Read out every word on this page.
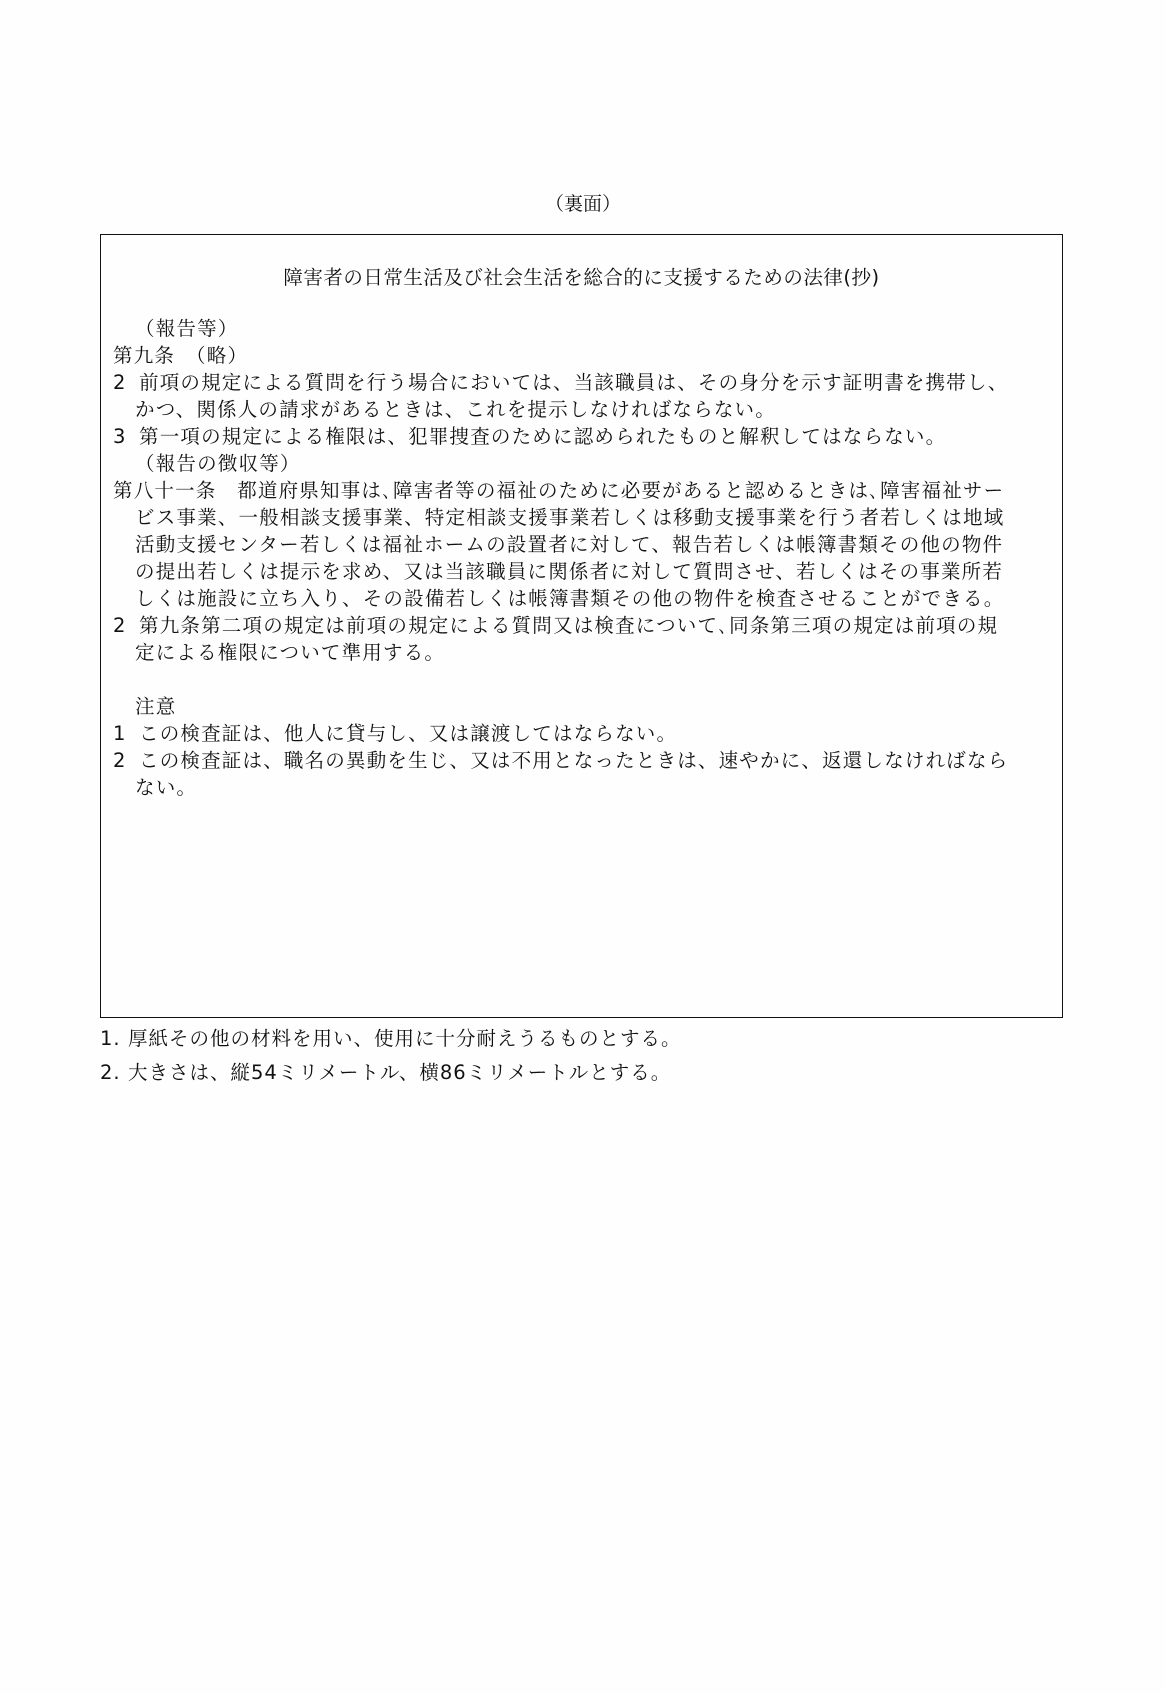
（裏面）
障害者の日常生活及び社会生活を総合的に支援するための法律(抄)
（報告等）
第九条　（略）
2 前項の規定による質問を行う場合においては、当該職員は、その身分を示す証明書を携帯し、
かつ、関係人の請求があるときは、これを提示しなければならない。
3 第一項の規定による権限は、犯罪捜査のために認められたものと解釈してはならない。
（報告の徴収等）
第八十一条　都道府県知事は､障害者等の福祉のために必要があると認めるときは､障害福祉サー
ビス事業、一般相談支援事業、特定相談支援事業若しくは移動支援事業を行う者若しくは地域
活動支援センター若しくは福祉ホームの設置者に対して、報告若しくは帳簿書類その他の物件
の提出若しくは提示を求め、又は当該職員に関係者に対して質問させ、若しくはその事業所若
しくは施設に立ち入り、その設備若しくは帳簿書類その他の物件を検査させることができる。
2 第九条第二項の規定は前項の規定による質問又は検査について､同条第三項の規定は前項の規
定による権限について準用する。
注意
1 この検査証は、他人に貸与し、又は譲渡してはならない。
2 この検査証は、職名の異動を生じ、又は不用となったときは、速やかに、返還しなければなら
ない。
1. 厚紙その他の材料を用い、使用に十分耐えうるものとする。
2. 大きさは、縦54ミリメートル、横86ミリメートルとする。
